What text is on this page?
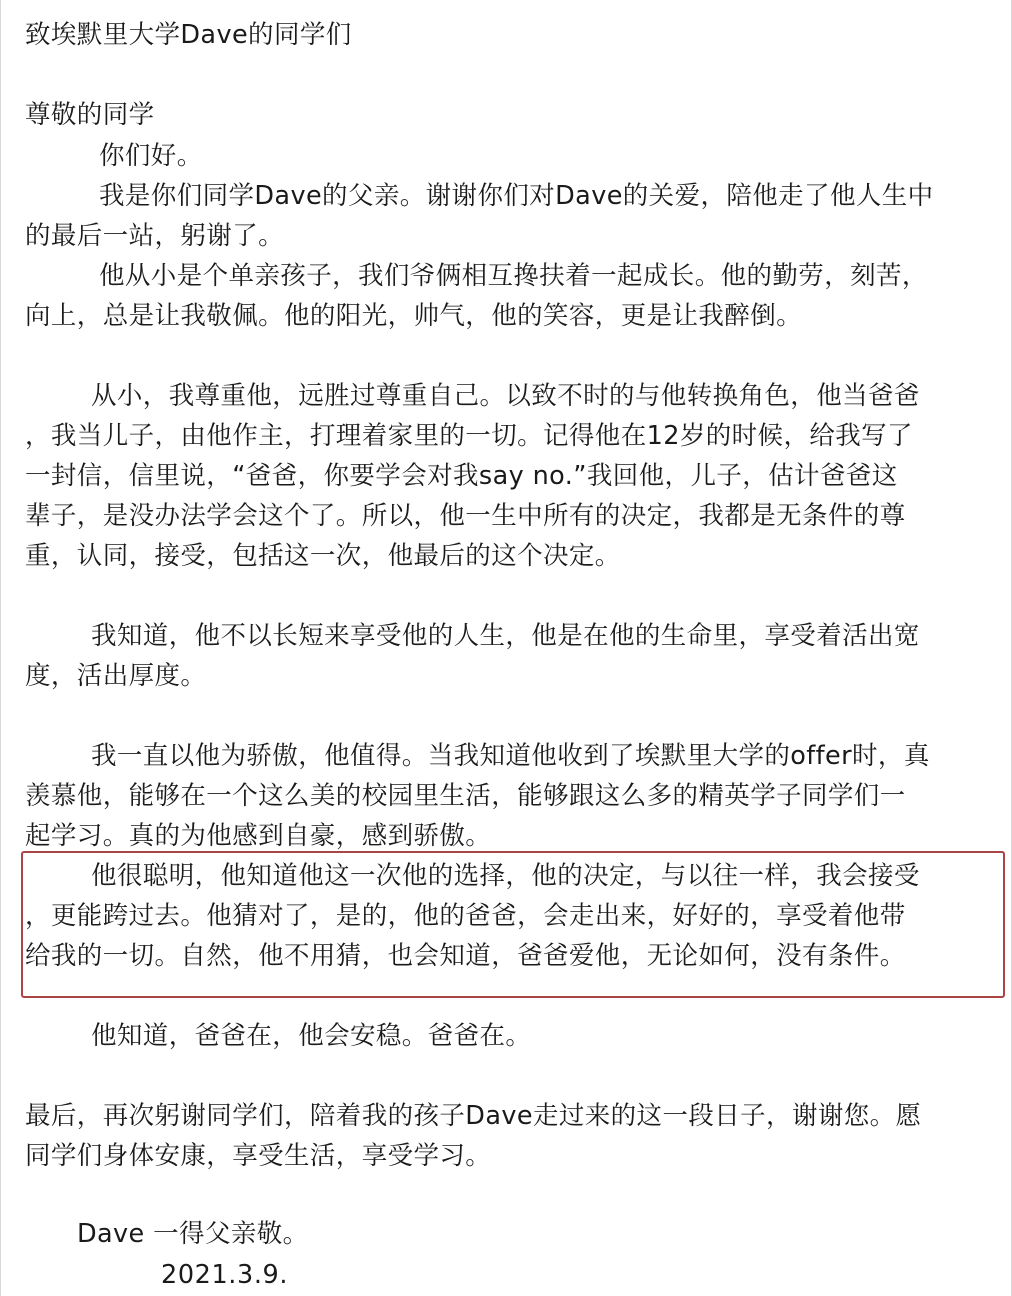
致埃默里大学Dave的同学们
尊敬的同学
你们好。
我是你们同学Dave的父亲。谢谢你们对Dave的关爱，陪他走了他人生中
的最后一站，躬谢了。
他从小是个单亲孩子，我们爷俩相互搀扶着一起成长。他的勤劳，刻苦，
向上，总是让我敬佩。他的阳光，帅气，他的笑容，更是让我醉倒。
从小，我尊重他，远胜过尊重自己。以致不时的与他转换角色，他当爸爸
，我当儿子，由他作主，打理着家里的一切。记得他在12岁的时候，给我写了
一封信，信里说，“爸爸，你要学会对我say no.”我回他，儿子，估计爸爸这
辈子，是没办法学会这个了。所以，他一生中所有的决定，我都是无条件的尊
重，认同，接受，包括这一次，他最后的这个决定。
我知道，他不以长短来享受他的人生，他是在他的生命里，享受着活出宽
度，活出厚度。
我一直以他为骄傲，他值得。当我知道他收到了埃默里大学的offer时，真
羡慕他，能够在一个这么美的校园里生活，能够跟这么多的精英学子同学们一
起学习。真的为他感到自豪，感到骄傲。
他很聪明，他知道他这一次他的选择，他的决定，与以往一样，我会接受
，更能跨过去。他猜对了，是的，他的爸爸，会走出来，好好的，享受着他带
给我的一切。自然，他不用猜，也会知道，爸爸爱他，无论如何，没有条件。
他知道，爸爸在，他会安稳。爸爸在。
最后，再次躬谢同学们，陪着我的孩子Dave走过来的这一段日子，谢谢您。愿
同学们身体安康，享受生活，享受学习。
Dave 一得父亲敬。
2021.3.9.
